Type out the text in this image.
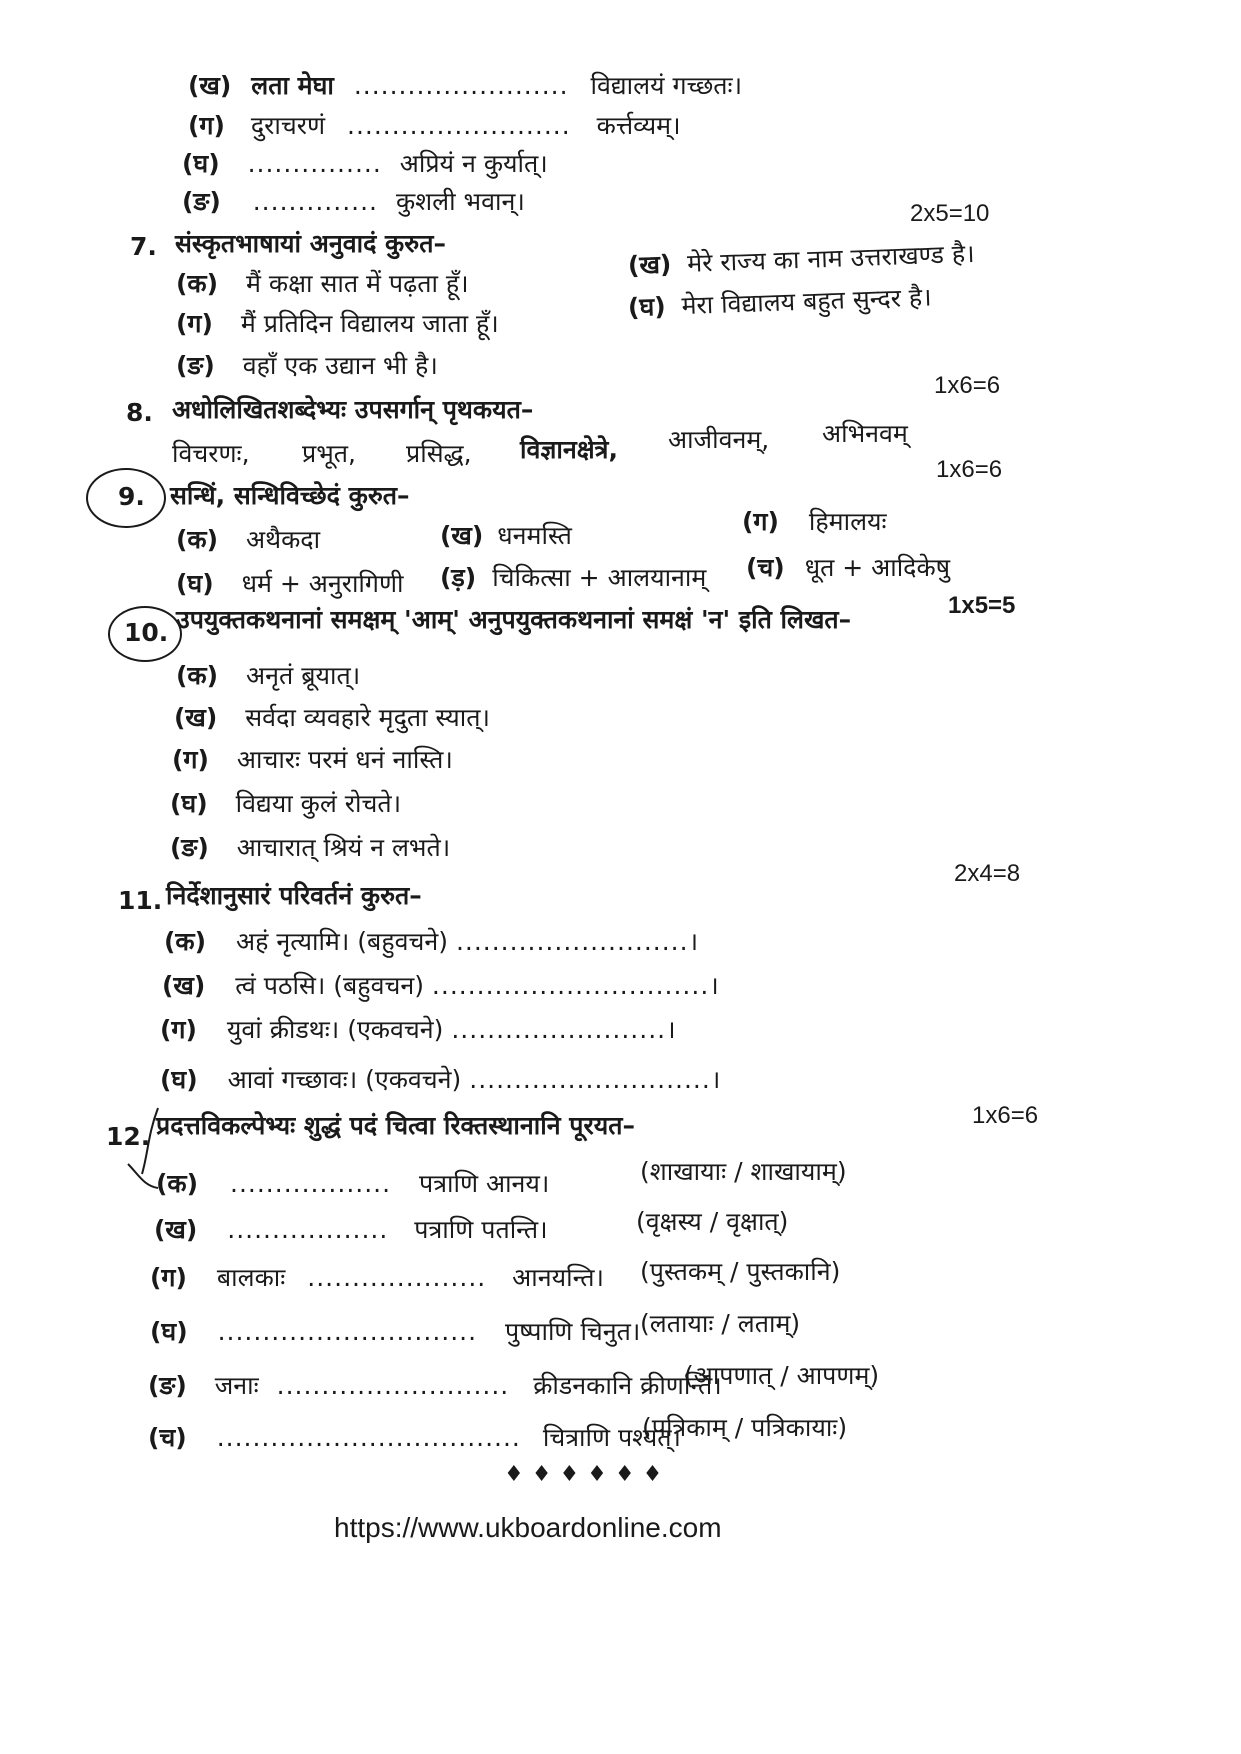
(ख) लता मेघा ........................ विद्यालयं गच्छतः।
(ग) दुराचरणं ......................... कर्त्तव्यम्।
(घ) ............... अप्रियं न कुर्यात्।
(ङ) .............. कुशली भवान्।	2x5=10
7. संस्कृतभाषायां अनुवादं कुरुत–
(क) मैं कक्षा सात में पढ़ता हूँ।
(ख) मेरे राज्य का नाम उत्तराखण्ड है।
(ग) मैं प्रतिदिन विद्यालय जाता हूँ।
(घ) मेरा विद्यालय बहुत सुन्दर है।
(ङ) वहाँ एक उद्यान भी है।
1x6=6
8. अधोलिखितशब्देभ्यः उपसर्गान् पृथकयत–
विचरणः, प्रभूत, प्रसिद्ध, विज्ञानक्षेत्रे, आजीवनम्, अभिनवम्
1x6=6
9. सन्धिं, सन्धिविच्छेदं कुरुत–
(क) अथैकदा	(ख) धनमस्ति	(ग) हिमालयः
(घ) धर्म + अनुरागिणी (ड़) चिकित्सा + आलयानाम् (च) धूत + आदिकेषु
10. उपयुक्तकथनानां समक्षम् 'आम्' अनुपयुक्तकथनानां समक्षं 'न' इति लिखत–	1x5=5
(क) अनृतं ब्रूयात्।
(ख) सर्वदा व्यवहारे मृदुता स्यात्।
(ग) आचारः परमं धनं नास्ति।
(घ) विद्यया कुलं रोचते।
(ङ) आचारात् श्रियं न लभते।
2x4=8
11. निर्देशानुसारं परिवर्तनं कुरुत–
(क) अहं नृत्यामि। (बहुवचने) ..........................।
(ख) त्वं पठसि। (बहुवचन) ...............................।
(ग) युवां क्रीडथः। (एकवचने) ........................।
(घ) आवां गच्छावः। (एकवचने) ...........................।
12. प्रदत्तविकल्पेभ्यः शुद्धं पदं चित्वा रिक्तस्थानानि पूरयत–	1x6=6
(क) .................. पत्राणि आनय।	(शाखायाः / शाखायाम्)
(ख) .................. पत्राणि पतन्ति।	(वृक्षस्य / वृक्षात्)
(ग) बालकाः .................... आनयन्ति। (पुस्तकम् / पुस्तकानि)
(घ) ............................. पुष्पाणि चिनुत। (लतायाः / लताम्)
(ङ) जनाः .......................... क्रीडनकानि क्रीणन्ति।
(आपणात् / आपणम्)
(च) .................................. चित्राणि पश्यत्।
(पत्रिकाम् / पत्रिकायाः)
♦♦♦♦♦♦
https://www.ukboardonline.com
